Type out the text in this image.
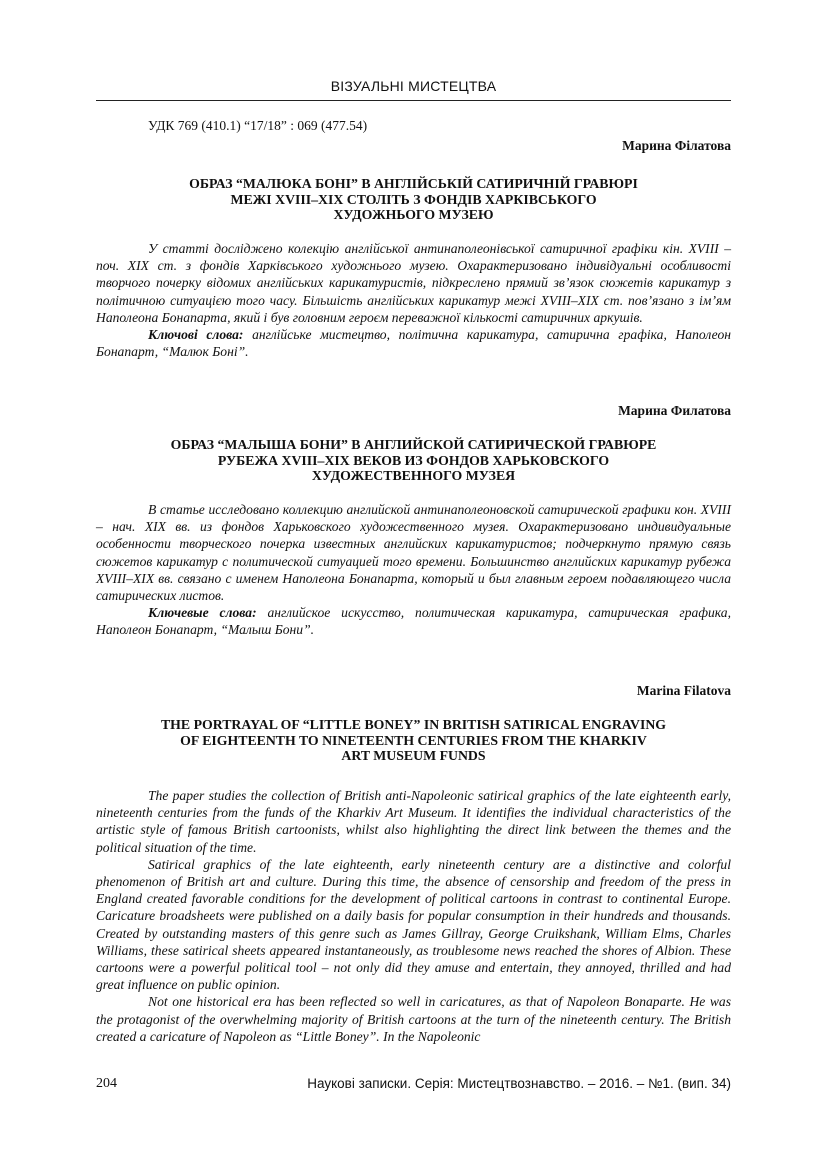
ВІЗУАЛЬНІ МИСТЕЦТВА
УДК 769 (410.1) “17/18” : 069 (477.54)
Марина Філатова
ОБРАЗ “МАЛЮКА БОНІ” В АНГЛІЙСЬКІЙ САТИРИЧНІЙ ГРАВЮРІ
МЕЖІ XVIII–XIX СТОЛІТЬ З ФОНДІВ ХАРКІВСЬКОГО
ХУДОЖНЬОГО МУЗЕЮ

У статті досліджено колекцію англійської антинаполеонівської сатиричної графіки кін. XVIII – поч. XIX ст. з фондів Харківського художнього музею. Охарактеризовано індивідуальні особливості творчого почерку відомих англійських карикатуристів, підкреслено прямий зв’язок сюжетів карикатур з політичною ситуацією того часу. Більшість англійських карикатур межі XVIII–XIX ст. пов’язано з ім’ям Наполеона Бонапарта, який і був головним героєм переважної кількості сатиричних аркушів.

Ключові слова: англійське мистецтво, політична карикатура, сатирична графіка, Наполеон Бонапарт, “Малюк Боні”.

Марина Филатова
ОБРАЗ “МАЛЫША БОНИ” В АНГЛИЙСКОЙ САТИРИЧЕСКОЙ ГРАВЮРЕ
РУБЕЖА XVIII–XIX ВЕКОВ ИЗ ФОНДОВ ХАРЬКОВСКОГО
ХУДОЖЕСТВЕННОГО МУЗЕЯ

В статье исследовано коллекцию английской антинаполеоновской сатирической графики кон. XVIII – нач. XIX вв. из фондов Харьковского художественного музея. Охарактеризовано индивидуальные особенности творческого почерка известных английских карикатуристов; подчеркнуто прямую связь сюжетов карикатур с политической ситуацией того времени. Большинство английских карикатур рубежа XVIII–XIX вв. связано с именем Наполеона Бонапарта, который и был главным героем подавляющего числа сатирических листов.

Ключевые слова: английское искусство, политическая карикатура, сатирическая графика, Наполеон Бонапарт, “Малыш Бони”.

Marina Filatova
THE PORTRAYAL OF “LITTLE BONEY” IN BRITISH SATIRICAL ENGRAVING
OF EIGHTEENTH TO NINETEENTH CENTURIES FROM THE KHARKIV
ART MUSEUM FUNDS

The paper studies the collection of British anti-Napoleonic satirical graphics of the late eighteenth early, nineteenth centuries from the funds of the Kharkiv Art Museum. It identifies the individual characteristics of the artistic style of famous British cartoonists, whilst also highlighting the direct link between the themes and the political situation of the time.

Satirical graphics of the late eighteenth, early nineteenth century are a distinctive and colorful phenomenon of British art and culture. During this time, the absence of censorship and freedom of the press in England created favorable conditions for the development of political cartoons in contrast to continental Europe. Caricature broadsheets were published on a daily basis for popular consumption in their hundreds and thousands. Created by outstanding masters of this genre such as James Gillray, George Cruikshank, William Elms, Charles Williams, these satirical sheets appeared instantaneously, as troublesome news reached the shores of Albion. These cartoons were a powerful political tool – not only did they amuse and entertain, they annoyed, thrilled and had great influence on public opinion.

Not one historical era has been reflected so well in caricatures, as that of Napoleon Bonaparte. He was the protagonist of the overwhelming majority of British cartoons at the turn of the nineteenth century. The British created a caricature of Napoleon as “Little Boney”. In the Napoleonic

204	Наукові записки. Серія: Мистецтвознавство. – 2016. – №1. (вип. 34)
